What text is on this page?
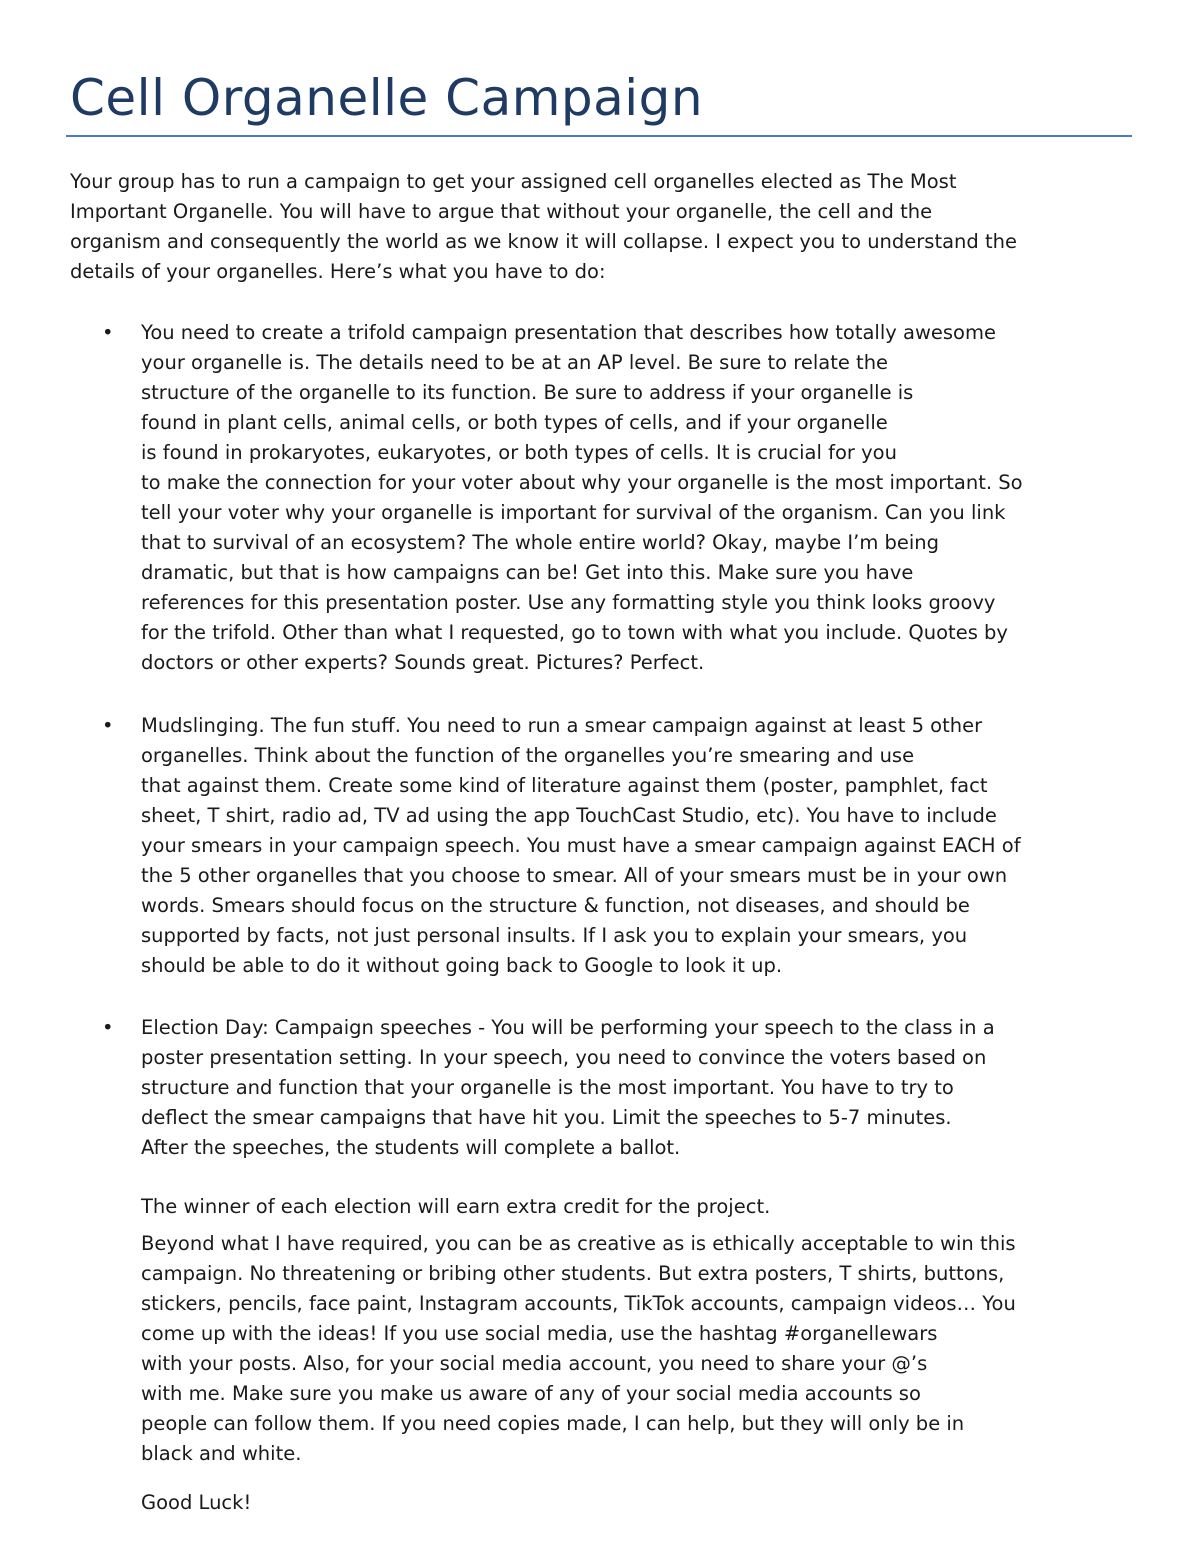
Cell Organelle Campaign

Your group has to run a campaign to get your assigned cell organelles elected as The Most
Important Organelle. You will have to argue that without your organelle, the cell and the
organism and consequently the world as we know it will collapse. I expect you to understand the
details of your organelles. Here’s what you have to do:

• You need to create a trifold campaign presentation that describes how totally awesome
your organelle is. The details need to be at an AP level. Be sure to relate the
structure of the organelle to its function. Be sure to address if your organelle is
found in plant cells, animal cells, or both types of cells, and if your organelle
is found in prokaryotes, eukaryotes, or both types of cells. It is crucial for you
to make the connection for your voter about why your organelle is the most important. So
tell your voter why your organelle is important for survival of the organism. Can you link
that to survival of an ecosystem? The whole entire world? Okay, maybe I’m being
dramatic, but that is how campaigns can be! Get into this. Make sure you have
references for this presentation poster. Use any formatting style you think looks groovy
for the trifold. Other than what I requested, go to town with what you include. Quotes by
doctors or other experts? Sounds great. Pictures? Perfect.

• Mudslinging. The fun stuff. You need to run a smear campaign against at least 5 other
organelles. Think about the function of the organelles you’re smearing and use
that against them. Create some kind of literature against them (poster, pamphlet, fact
sheet, T shirt, radio ad, TV ad using the app TouchCast Studio, etc). You have to include
your smears in your campaign speech. You must have a smear campaign against EACH of
the 5 other organelles that you choose to smear. All of your smears must be in your own
words. Smears should focus on the structure & function, not diseases, and should be
supported by facts, not just personal insults. If I ask you to explain your smears, you
should be able to do it without going back to Google to look it up.

• Election Day: Campaign speeches - You will be performing your speech to the class in a
poster presentation setting. In your speech, you need to convince the voters based on
structure and function that your organelle is the most important. You have to try to
deflect the smear campaigns that have hit you. Limit the speeches to 5-7 minutes.
After the speeches, the students will complete a ballot.

The winner of each election will earn extra credit for the project.

Beyond what I have required, you can be as creative as is ethically acceptable to win this
campaign. No threatening or bribing other students. But extra posters, T shirts, buttons,
stickers, pencils, face paint, Instagram accounts, TikTok accounts, campaign videos… You
come up with the ideas! If you use social media, use the hashtag #organellewars
with your posts. Also, for your social media account, you need to share your @’s
with me. Make sure you make us aware of any of your social media accounts so
people can follow them. If you need copies made, I can help, but they will only be in
black and white.

Good Luck!
